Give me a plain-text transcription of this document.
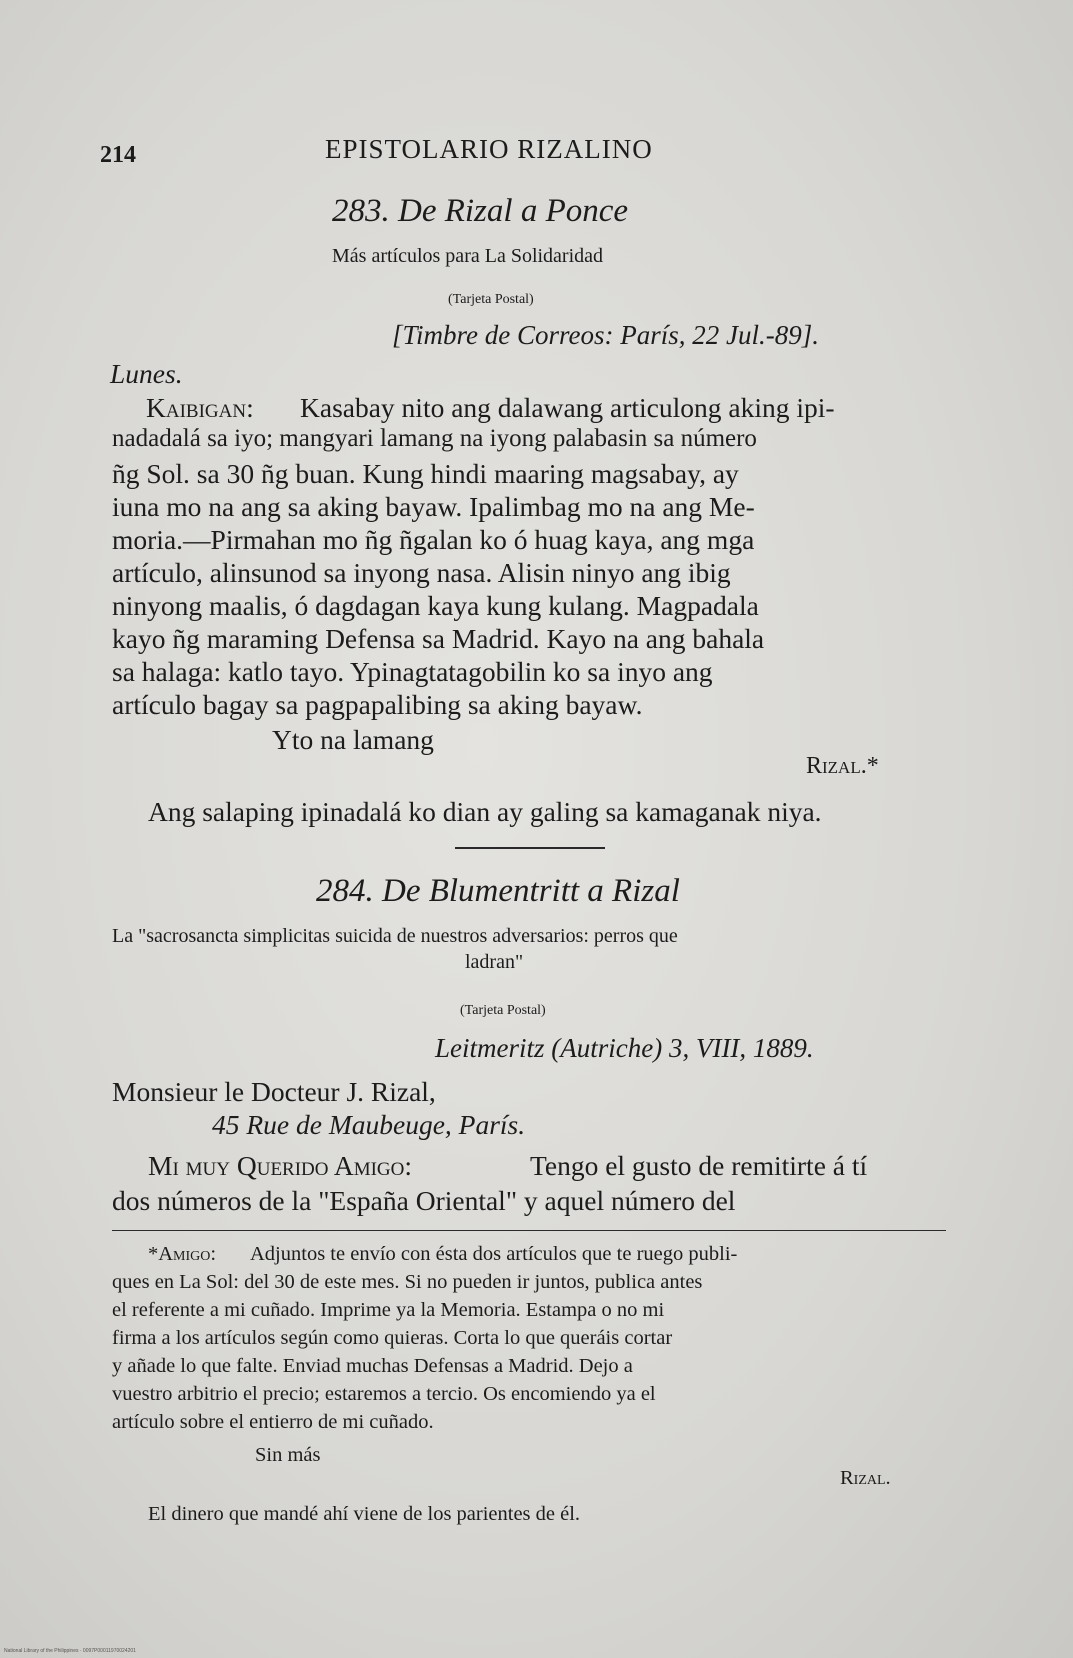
214	EPISTOLARIO RIZALINO
283. De Rizal a Ponce
Más artículos para La Solidaridad
(Tarjeta Postal)
[Timbre de Correos: París, 22 Jul.-89].
Lunes.
Kaibigan: Kasabay nito ang dalawang articulong aking ipi-
nadadalá sa iyo; mangyari lamang na iyong palabasin sa número
ñg Sol. sa 30 ñg buan. Kung hindi maaring magsabay, ay
iuna mo na ang sa aking bayaw. Ipalimbag mo na ang Me-
moria.—Pirmahan mo ñg ñgalan ko ó huag kaya, ang mga
artículo, alinsunod sa inyong nasa. Alisin ninyo ang ibig
ninyong maalis, ó dagdagan kaya kung kulang. Magpadala
kayo ñg maraming Defensa sa Madrid. Kayo na ang bahala
sa halaga: katlo tayo. Ypinagtatagobilin ko sa inyo ang
artículo bagay sa pagpapalibing sa aking bayaw.
Yto na lamang
Rizal.*
Ang salaping ipinadalá ko dian ay galing sa kamaganak niya.
284. De Blumentritt a Rizal
La "sacrosancta simplicitas suicida de nuestros adversarios: perros que
ladran"
(Tarjeta Postal)
Leitmeritz (Autriche) 3, VIII, 1889.
Monsieur le Docteur J. Rizal,
45 Rue de Maubeuge, París.
Mi muy Querido Amigo:	Tengo el gusto de remitirte á tí
dos números de la "España Oriental" y aquel número del
*Amigo: Adjuntos te envío con ésta dos artículos que te ruego publi-
ques en La Sol: del 30 de este mes. Si no pueden ir juntos, publica antes
el referente a mi cuñado. Imprime ya la Memoria. Estampa o no mi
firma a los artículos según como quieras. Corta lo que queráis cortar
y añade lo que falte. Enviad muchas Defensas a Madrid. Dejo a
vuestro arbitrio el precio; estaremos a tercio. Os encomiendo ya el
artículo sobre el entierro de mi cuñado.
Sin más
Rizal.
El dinero que mandé ahí viene de los parientes de él.
National Library of the Philippines · 0097P00011970024201
